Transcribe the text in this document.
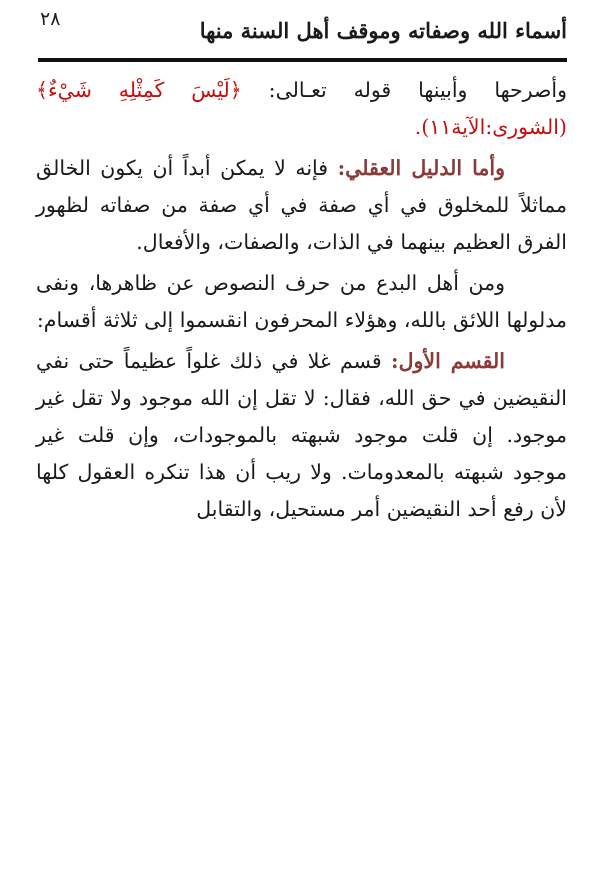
٢٨	أسماء الله وصفاته وموقف أهل السنة منها

وأصرحها وأبينها قوله تعـالى: ﴿لَيْسَ كَمِثْلِهِ شَيْءٌ﴾ (الشورى:الآية١١).

وأما الدليل العقلي: فإنه لا يمكن أبداً أن يكون الخالق مماثلاً للمخلوق في أي صفة في أي صفة من صفاته لظهور الفرق العظيم بينهما في الذات، والصفات، والأفعال.

ومن أهل البدع من حرف النصوص عن ظاهرها، ونفى مدلولها اللائق بالله، وهؤلاء المحرفون انقسموا إلى ثلاثة أقسام:

القسم الأول: قسم غلا في ذلك غلواً عظيماً حتى نفي النقيضين في حق الله، فقال: لا تقل إن الله موجود ولا تقل غير موجود. إن قلت موجود شبهته بالموجودات، وإن قلت غير موجود شبهته بالمعدومات. ولا ريب أن هذا تنكره العقول كلها لأن رفع أحد النقيضين أمر مستحيل، والتقابل
